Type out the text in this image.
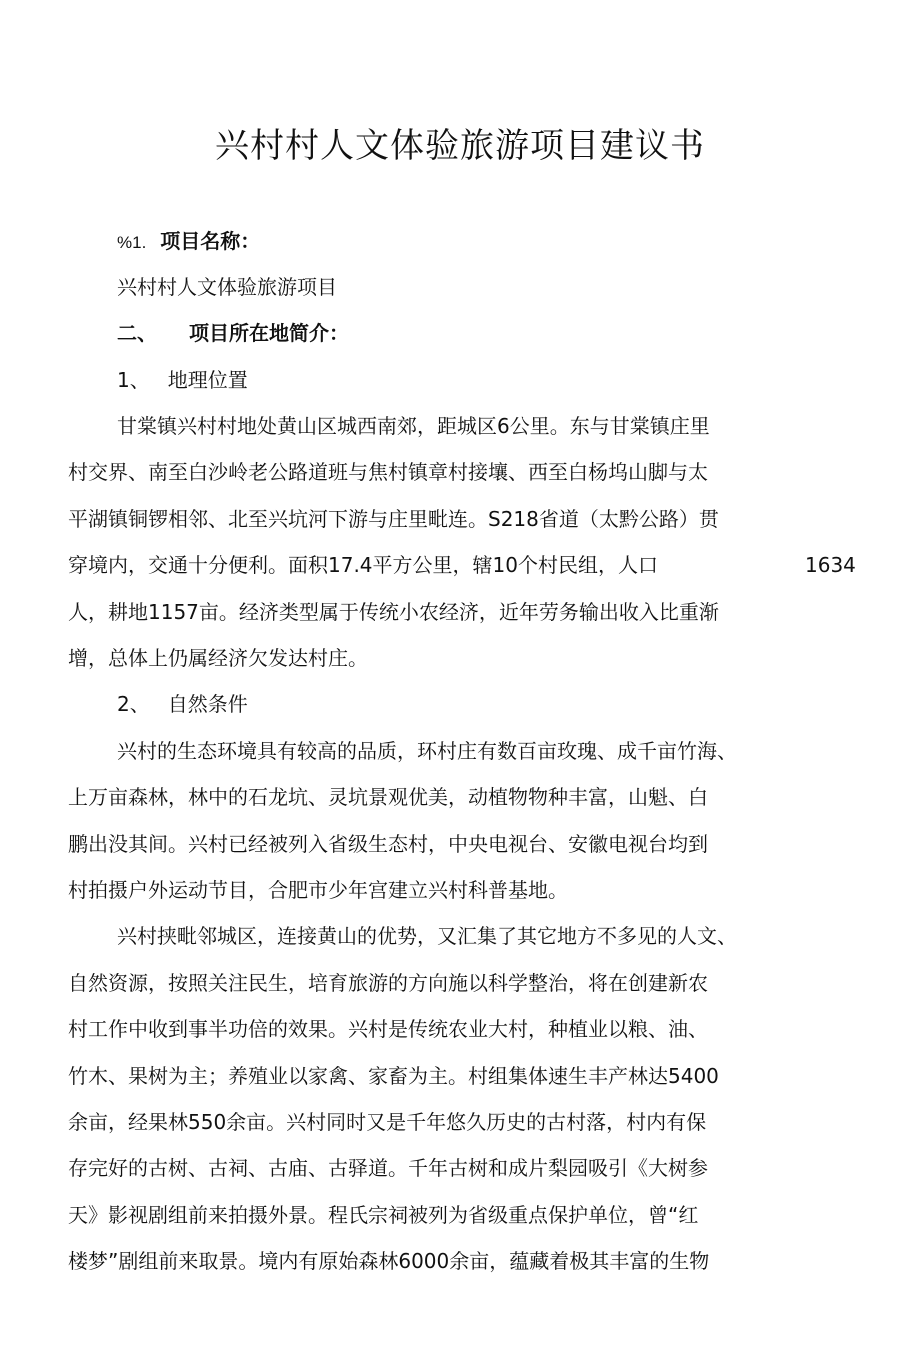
兴村村人文体验旅游项目建议书
%1. 项目名称：
兴村村人文体验旅游项目
二、 项目所在地简介：
1、 地理位置
甘棠镇兴村村地处黄山区城西南郊，距城区6公里。东与甘棠镇庄里
村交界、南至白沙岭老公路道班与焦村镇章村接壤、西至白杨坞山脚与太
平湖镇铜锣相邻、北至兴坑河下游与庄里毗连。S218省道（太黔公路）贯
穿境内，交通十分便利。面积17.4平方公里，辖10个村民组，人口	1634
人，耕地1157亩。经济类型属于传统小农经济，近年劳务输出收入比重渐
增，总体上仍属经济欠发达村庄。
2、 自然条件
兴村的生态环境具有较高的品质，环村庄有数百亩玫瑰、成千亩竹海、
上万亩森林，林中的石龙坑、灵坑景观优美，动植物物种丰富，山魁、白
鹏出没其间。兴村已经被列入省级生态村，中央电视台、安徽电视台均到
村拍摄户外运动节目，合肥市少年宫建立兴村科普基地。
兴村挟毗邻城区，连接黄山的优势，又汇集了其它地方不多见的人文、
自然资源，按照关注民生，培育旅游的方向施以科学整治，将在创建新农
村工作中收到事半功倍的效果。兴村是传统农业大村，种植业以粮、油、
竹木、果树为主；养殖业以家禽、家畜为主。村组集体速生丰产林达5400
余亩，经果林550余亩。兴村同时又是千年悠久历史的古村落，村内有保
存完好的古树、古祠、古庙、古驿道。千年古树和成片梨园吸引《大树参
天》影视剧组前来拍摄外景。程氏宗祠被列为省级重点保护单位，曾“红
楼梦”剧组前来取景。境内有原始森林6000余亩，蕴藏着极其丰富的生物
